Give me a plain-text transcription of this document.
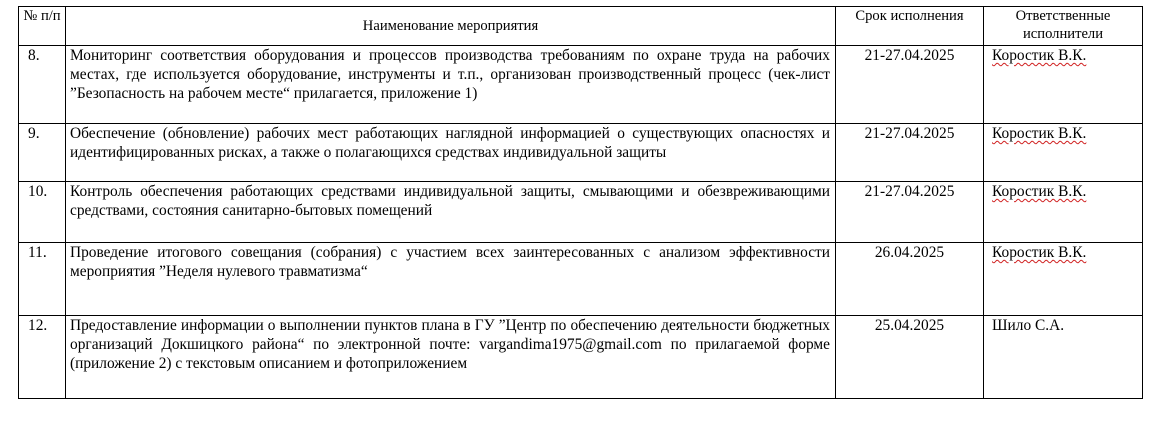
№ п/п	Наименование мероприятия	Срок исполнения	Ответственные исполнители
8.	Мониторинг соответствия оборудования и процессов производства требованиям по охране труда на рабочих местах, где используется оборудование, инструменты и т.п., организован производственный процесс (чек-лист ”Безопасность на рабочем месте“ прилагается, приложение 1)	21-27.04.2025	Коростик В.К.
9.	Обеспечение (обновление) рабочих мест работающих наглядной информацией о существующих опасностях и идентифицированных рисках, а также о полагающихся средствах индивидуальной защиты	21-27.04.2025	Коростик В.К.
10.	Контроль обеспечения работающих средствами индивидуальной защиты, смывающими и обезвреживающими средствами, состояния санитарно-бытовых помещений	21-27.04.2025	Коростик В.К.
11.	Проведение итогового совещания (собрания) с участием всех заинтересованных с анализом эффективности мероприятия ”Неделя нулевого травматизма“	26.04.2025	Коростик В.К.
12.	Предоставление информации о выполнении пунктов плана в ГУ ”Центр по обеспечению деятельности бюджетных организаций Докшицкого района“ по электронной почте: vargandima1975@gmail.com по прилагаемой форме (приложение 2) с текстовым описанием и фотоприложением	25.04.2025	Шило С.А.
